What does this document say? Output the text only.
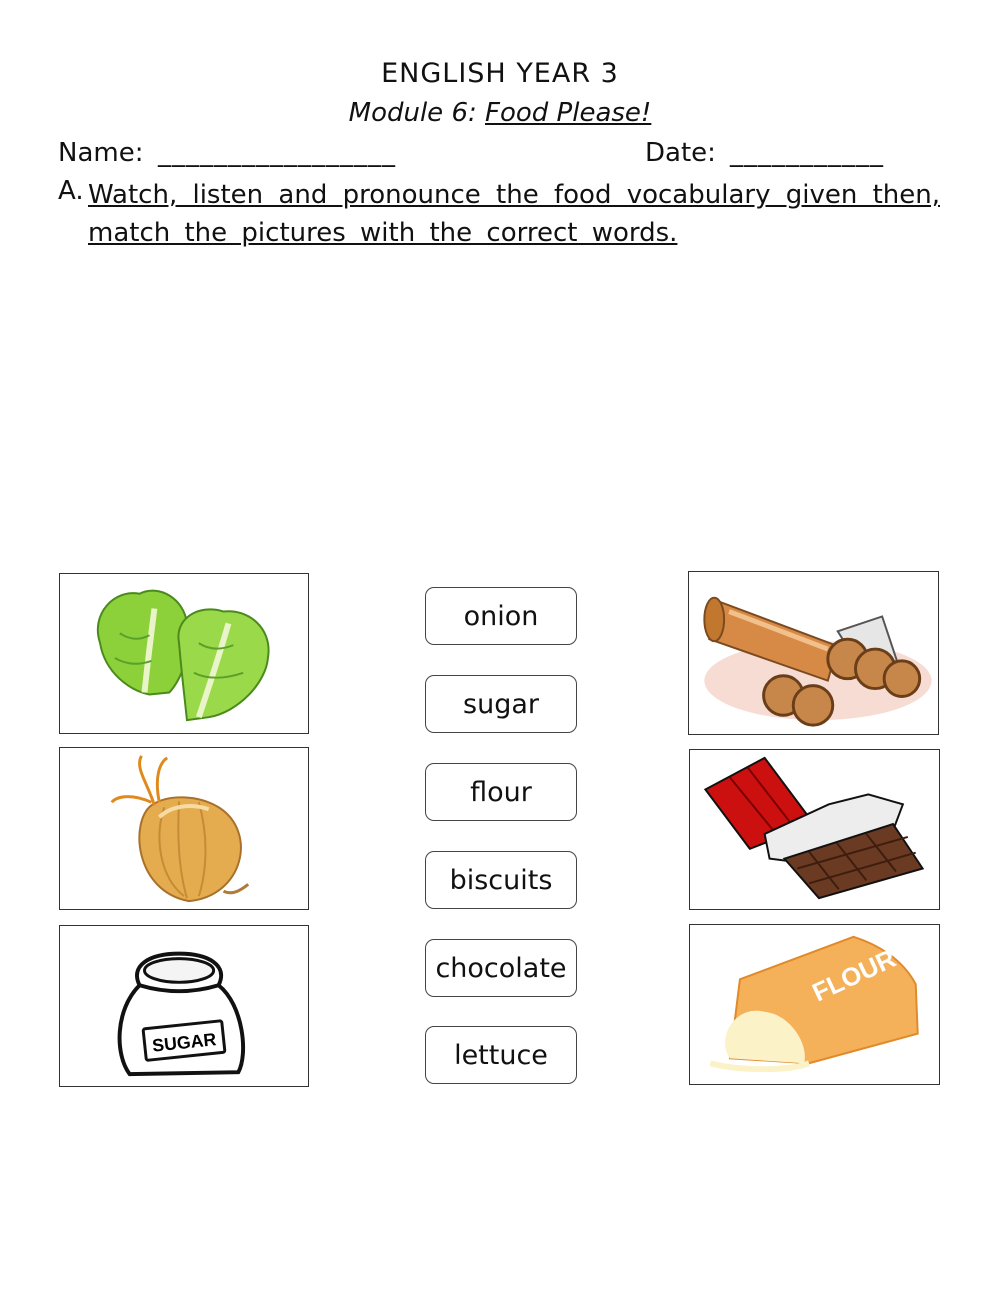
ENGLISH YEAR 3
Module 6: Food Please!
Name: _________________	Date: ___________
A. Watch, listen and pronounce the food vocabulary given then, match the pictures with the correct words.
SUGAR
FLOUR
onion
sugar
flour
biscuits
chocolate
lettuce
